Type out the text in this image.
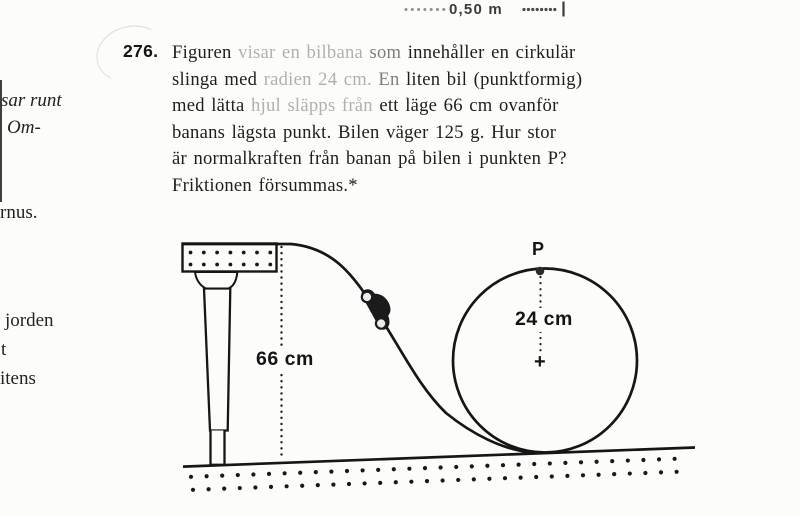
0,50 m
sar runt
Om-
rnus.
jorden
t
itens
276. Figuren visar en bilbana som innehåller en cirkulär
slinga med radien 24 cm. En liten bil (punktformig)
med lätta hjul släpps från ett läge 66 cm ovanför
banans lägsta punkt. Bilen väger 125 g. Hur stor
är normalkraften från banan på bilen i punkten P?
Friktionen försummas.*
66 cm
24 cm
P
+
